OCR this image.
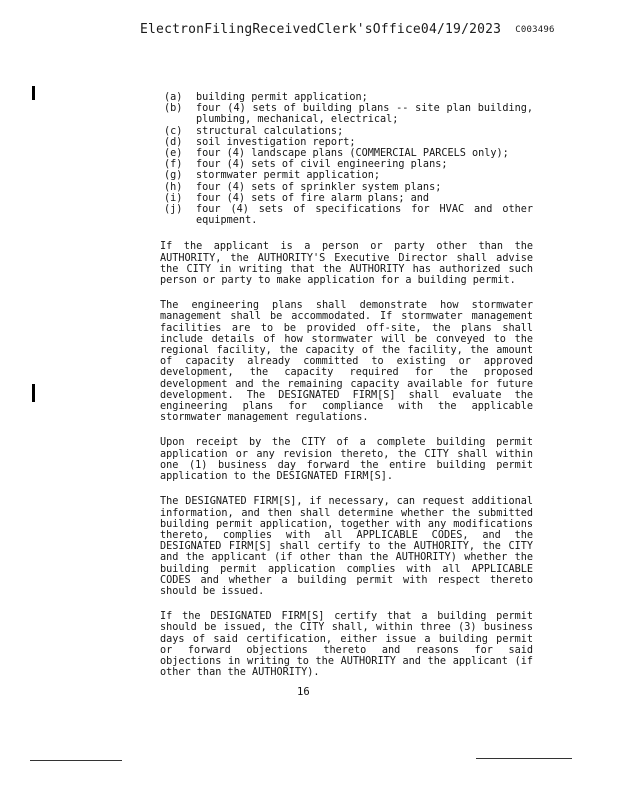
ElectronFilingReceivedClerk'sOffice04/19/2023 C003496
(a)	building permit application;
(b)	four (4) sets of building plans -- site plan building, plumbing, mechanical, electrical;
(c)	structural calculations;
(d)	soil investigation report;
(e)	four (4) landscape plans (COMMERCIAL PARCELS only);
(f)	four (4) sets of civil engineering plans;
(g)	stormwater permit application;
(h)	four (4) sets of sprinkler system plans;
(i)	four (4) sets of fire alarm plans; and
(j)	four (4) sets of specifications for HVAC and other equipment.

If the applicant is a person or party other than the AUTHORITY, the AUTHORITY'S Executive Director shall advise the CITY in writing that the AUTHORITY has authorized such person or party to make application for a building permit.

The engineering plans shall demonstrate how stormwater management shall be accommodated. If stormwater management facilities are to be provided off-site, the plans shall include details of how stormwater will be conveyed to the regional facility, the capacity of the facility, the amount of capacity already committed to existing or approved development, the capacity required for the proposed development and the remaining capacity available for future development. The DESIGNATED FIRM[S] shall evaluate the engineering plans for compliance with the applicable stormwater management regulations.

Upon receipt by the CITY of a complete building permit application or any revision thereto, the CITY shall within one (1) business day forward the entire building permit application to the DESIGNATED FIRM[S].

The DESIGNATED FIRM[S], if necessary, can request additional information, and then shall determine whether the submitted building permit application, together with any modifications thereto, complies with all APPLICABLE CODES, and the DESIGNATED FIRM[S] shall certify to the AUTHORITY, the CITY and the applicant (if other than the AUTHORITY) whether the building permit application complies with all APPLICABLE CODES and whether a building permit with respect thereto should be issued.

If the DESIGNATED FIRM[S] certify that a building permit should be issued, the CITY shall, within three (3) business days of said certification, either issue a building permit or forward objections thereto and reasons for said objections in writing to the AUTHORITY and the applicant (if other than the AUTHORITY).

16
